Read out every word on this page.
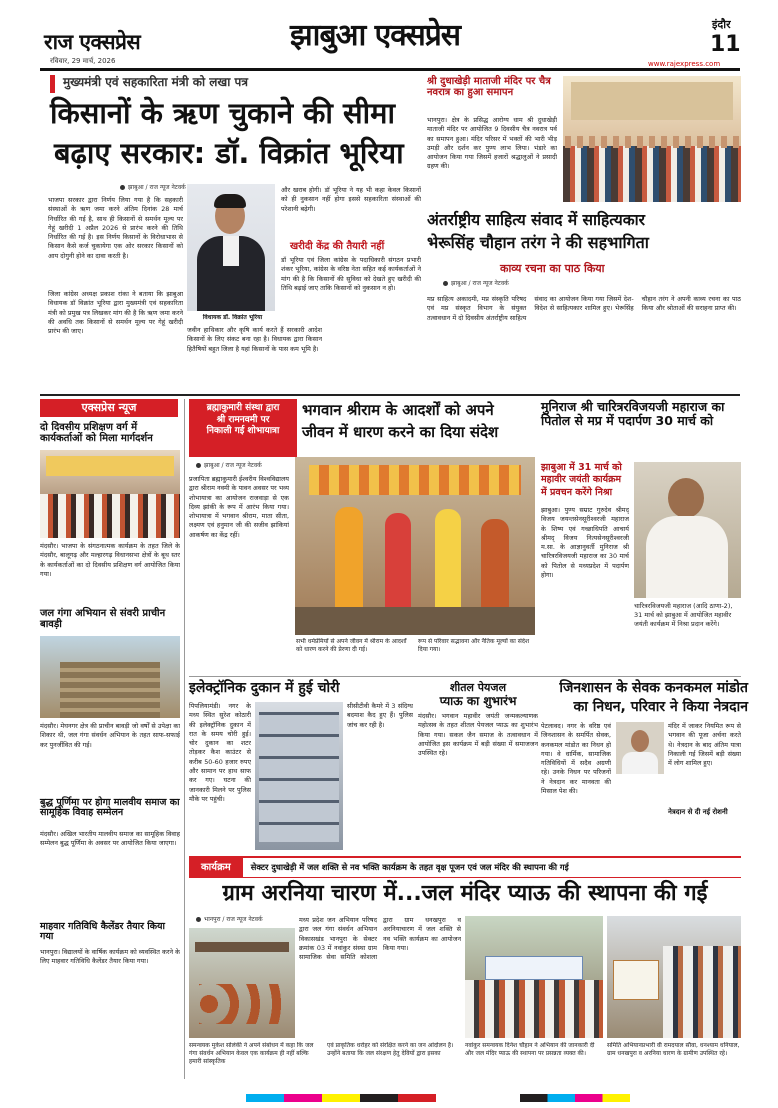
राज एक्सप्रेस
रविवार, 29 मार्च, 2026
झाबुआ एक्सप्रेस	इंदौर
11
www.rajexpress.com
मुख्यमंत्री एवं सहकारिता मंत्री को लखा पत्र
किसानों के ऋण चुकाने की सीमा
बढ़ाए सरकार: डॉ. विक्रांत भूरिया
झाबुआ / राज न्यूज नेटवर्क
भाजपा सरकार द्वारा निर्णय लिया गया है कि सहकारी संस्थाओं के ऋण जमा करने अंतिम दिनांक 28 मार्च निर्धारित की गई है, साथ ही किसानों से समर्थन मूल्य पर गेहूं खरीदी 1 अप्रैल 2026 से प्रारंभ करने की तिथि निर्धारित की गई है। इस निर्णय किसानों के विरोधाभास से किसान कैसे कर्ज चुकायेगा एक ओर सरकार किसानों को आय दोगुनी होने का दावा करती है।
जिला कांग्रेस अध्यक्ष प्रकाश रांका ने बताया कि झाबुआ विधायक डॉ विक्रांत भूरिया द्वारा मुख्यमंत्री एवं सहकारिता मंत्री को प्रमुख पत्र लिखकर मांग की है कि ऋण जमा करने की अवधि तक किसानों से समर्थन मूल्य पर गेहूं खरीदी प्रारंभ की जाए।
विधायक डॉ. विक्रांत भूरिया
जवीन हाथिकार और कृषि कार्य करते हैं सरकारी आदेश किसानों के लिए संकट बना रहा है। विधायक द्वारा किसान हितैषियों बहुत जिला है यहां किसानों के पास कम भूमि है।
और खराब होगी। डॉ भूरिया ने यह भी कहा केवल किसानों को ही नुकसान नहीं होगा इससे सहकारिता संस्थाओं की परेशानी बढ़ेगी।
खरीदी केंद्र की तैयारी नहीं
डॉ भूरिया एवं जिला कांग्रेस के पदाधिकारी संगठन प्रभारी शंकर भूरिया, कांग्रेस के वरिष्ठ नेता सहित कई कार्यकर्ताओं ने मांग की है कि किसानों की सुविधा को देखते हुए खरीदी की तिथि बढ़ाई जाए ताकि किसानों को नुकसान न हो।
श्री दुधाखेड़ी माताजी मंदिर पर चैत्र नवरात्र का हुआ समापन
भानपुरा। क्षेत्र के प्रसिद्ध आरोग्य धाम श्री दुधाखेड़ी माताजी मंदिर पर आयोजित 9 दिवसीय चैत्र नवरात्र पर्व का समापन हुआ। मंदिर परिसर में भक्तों की भारी भीड़ उमड़ी और दर्शन कर पुण्य लाभ लिया। भंडारे का आयोजन किया गया जिसमें हजारों श्रद्धालुओं ने प्रसादी ग्रहण की।
अंतर्राष्ट्रीय साहित्य संवाद में साहित्यकार
भेरूसिंह चौहान तरंग ने की सहभागिता
काव्य रचना का पाठ किया
झाबुआ / राज न्यूज नेटवर्क
मप्र साहित्य अकादमी, मप्र संस्कृति परिषद एवं मप्र संस्कृत विभाग के संयुक्त तत्वावधान में दो दिवसीय अंतर्राष्ट्रीय साहित्य संवाद का आयोजन किया गया जिसमें देश-विदेश से साहित्यकार शामिल हुए। भेरूसिंह चौहान तरंग ने अपनी काव्य रचना का पाठ किया और श्रोताओं की सराहना प्राप्त की।
एक्सप्रेस न्यूज
दो दिवसीय प्रशिक्षण वर्ग में कार्यकर्ताओं को मिला मार्गदर्शन
मंदसौर। भाजपा के संगठनात्मक कार्यक्रम के तहत जिले के मंदसौर, बालूगढ़ और मल्हारगढ़ विधानसभा क्षेत्रों के बूथ स्तर के कार्यकर्ताओं का दो दिवसीय प्रशिक्षण वर्ग आयोजित किया गया।
जल गंगा अभियान से संवरी प्राचीन बावड़ी
मंदसौर। मेघनगर क्षेत्र की प्राचीन बावड़ी जो वर्षों से उपेक्षा का शिकार थी, जल गंगा संवर्धन अभियान के तहत साफ-सफाई कर पुनर्जीवित की गई।
बुद्ध पूर्णिमा पर होगा मालवीय समाज का सामूहिक विवाह सम्मेलन
मंदसौर। अखिल भारतीय मालवीय समाज का सामूहिक विवाह सम्मेलन बुद्ध पूर्णिमा के अवसर पर आयोजित किया जाएगा।
माहवार गतिविधि कैलेंडर तैयार किया गया
भानपुरा। विद्यालयों के वार्षिक कार्यक्रम को व्यवस्थित करने के लिए माहवार गतिविधि कैलेंडर तैयार किया गया।
ब्रह्माकुमारी संस्था द्वारा
श्री रामनवमी पर
निकाली गई शोभायात्रा
भगवान श्रीराम के आदर्शों को अपने
जीवन में धारण करने का दिया संदेश
झाबुआ / राज न्यूज नेटवर्क
प्रजापिता ब्रह्माकुमारी ईश्वरीय विश्वविद्यालय द्वारा श्रीराम नवमी के पावन अवसर पर भव्य शोभायात्रा का आयोजन राजवाड़ा से एक दिव्य झांकी के रूप में आरंभ किया गया। शोभायात्रा में भगवान श्रीराम, माता सीता, लक्ष्मण एवं हनुमान जी की सजीव झांकियां आकर्षण का केंद्र रहीं।
सभी धर्मप्रेमियों से अपने जीवन में श्रीराम के आदर्शों को धारण करने की प्रेरणा दी गई।
रूप से परिवार सद्भावना और नैतिक मूल्यों का संदेश दिया गया।
मुनिराज श्री चारित्ररविजयजी महाराज का पितोल से मप्र में पदार्पण 30 मार्च को
झाबुआ में 31 मार्च को
महावीर जयंती कार्यक्रम
में प्रवचन करेंगे निश्रा
झाबुआ। पुण्य सम्राट गुरुदेव श्रीमद् विजय जयन्तसेनसूरीश्वरजी महाराज के शिष्य एवं गच्छाधिपति आचार्य श्रीमद् विजय नित्यसेनसूरीश्वरजी म.सा. के आज्ञानुवर्ती मुनिराज श्री चारित्ररविजयजी महाराज का 30 मार्च को पितोल से मध्यप्रदेश में पदार्पण होगा।
चारित्ररविजयजी महाराज (आदि ठाणा-2), 31 मार्च को झाबुआ में आयोजित महावीर जयंती कार्यक्रम में निश्रा प्रदान करेंगे।
इलेक्ट्रॉनिक दुकान में हुई चोरी
पिपलियामंडी। नगर के मध्य स्थित सुरेश कोठारी की इलेक्ट्रॉनिक दुकान में रात के समय चोरी हुई। चोर दुकान का शटर तोड़कर कैश काउंटर से करीब 50-60 हजार रुपए और सामान पर हाथ साफ कर गए। घटना की जानकारी मिलने पर पुलिस मौके पर पहुंची।
सीसीटीवी कैमरे में 3 संदिग्ध बदमाश कैद हुए हैं। पुलिस जांच कर रही है।
शीतल पेयजल
प्याऊ का शुभारंभ
मंदसौर। भगवान महावीर जयंती जन्मकल्याणक महोत्सव के तहत शीतल पेयजल प्याऊ का शुभारंभ किया गया। सकल जैन समाज के तत्वावधान में आयोजित इस कार्यक्रम में बड़ी संख्या में समाजजन उपस्थित रहे।
जिनशासन के सेवक कनकमल मांडोत
का निधन, परिवार ने किया नेत्रदान
पेटलावद। नगर के वरिष्ठ एवं जिनशासन के समर्पित सेवक, कनकमल मांडोत का निधन हो गया। वे धार्मिक, सामाजिक गतिविधियों में सदैव अग्रणी रहे। उनके निधन पर परिजनों ने नेत्रदान कर मानवता की मिसाल पेश की।
मंदिर में जाकर नियमित रूप से भगवान की पूजा अर्चना करते थे। नेत्रदान के बाद अंतिम यात्रा निकाली गई जिसमें बड़ी संख्या में लोग शामिल हुए।
नेत्रदान से दी नई रोशनी
कार्यक्रम	सेक्टर दुधाखेड़ी में जल शक्ति से नव भक्ति कार्यक्रम के तहत वृक्ष पूजन एवं जल मंदिर की स्थापना की गई
ग्राम अरनिया चारण में...जल मंदिर प्याऊ की स्थापना की गई
भानपुरा / राज न्यूज नेटवर्क	मध्य प्रदेश जन अभियान परिषद द्वारा जल गंगा संवर्धन अभियान विकासखंड भानपुरा के सेक्टर क्रमांक 03 में नवांकुर संस्था ग्राम सामाजिक सेवा समिति कोशला द्वारा ग्राम धनखपुरा व अरनियाचारण में जल शक्ति से नव भक्ति कार्यक्रम का आयोजन किया गया।
समन्वयक मुकेश सोलंकी ने अपने संबोधन में कहा कि जल गंगा संवर्धन अभियान केवल एक कार्यक्रम ही नहीं बल्कि हमारी सांस्कृतिक
एवं प्राकृतिक धरोहर को संरक्षित करने का जन आंदोलन है। उन्होंने बताया कि जल संरक्षण हेतु देवियों द्वारा इसका
नवांकुर समन्वयक दिनेश चौहान ने अभियान की जानकारी दी और जल मंदिर प्याऊ की स्थापना पर प्रसन्नता व्यक्त की।
समिति अभियानप्रभारी वी रामदयाल सौवा, धनश्याम धनियाल, ग्राम धनखपुरा व अरनिया चारण के ग्रामीण उपस्थित रहे।
